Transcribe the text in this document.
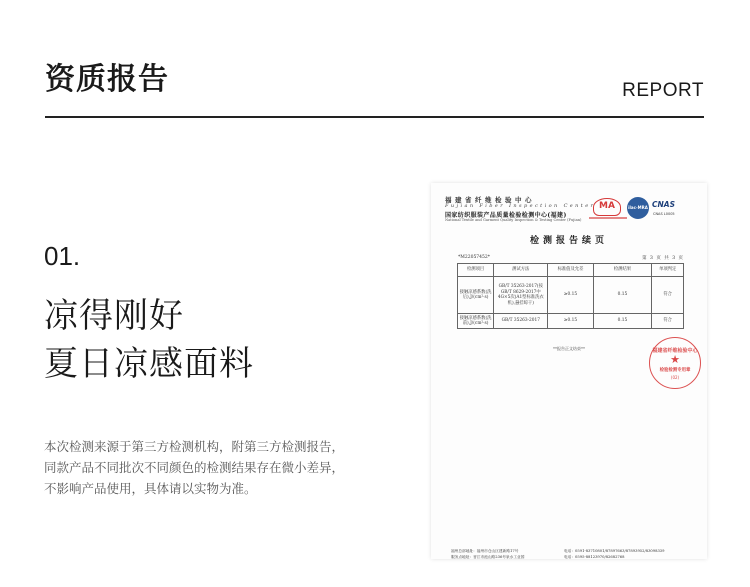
资质报告	REPORT
01.
凉得刚好
夏日凉感面料
本次检测来源于第三方检测机构，附第三方检测报告，
同款产品不同批次不同颜色的检测结果存在微小差异，
不影响产品使用，具体请以实物为准。
福建省纤维检验中心
Fujian Fiber Inspection Center
国家纺织服装产品质量检验检测中心(福建)
National Textile and Garment Quality Inspection & Testing Center (Fujian)
MA	ilac-MRA CNAS
CNAS L0005
检测报告续页
*M22057452*	第 3 页 共 3 页
检测项目	测试方法	标准值及允差	检测结果	单项判定
接触凉感系数(洗后),J/(cm²·s)	GB/T 35263-2017(按GB/T 8629-2017中4G×5次(A1型标准洗衣机),悬挂晾干)	≥0.15	0.15	符合
接触凉感系数(洗前),J/(cm²·s)	GB/T 35263-2017	≥0.15	0.15	符合
**报告正文结束**	福建省纤维检验中心
★
检验检测专用章
(02)
福州总部地址：福州市仓山区建新路17号	电话：0591-83710801/87897663/87893952/83098339
服务点地址：晋江市池山路236号泉水工业园	电话：0595-88123970/82682768
